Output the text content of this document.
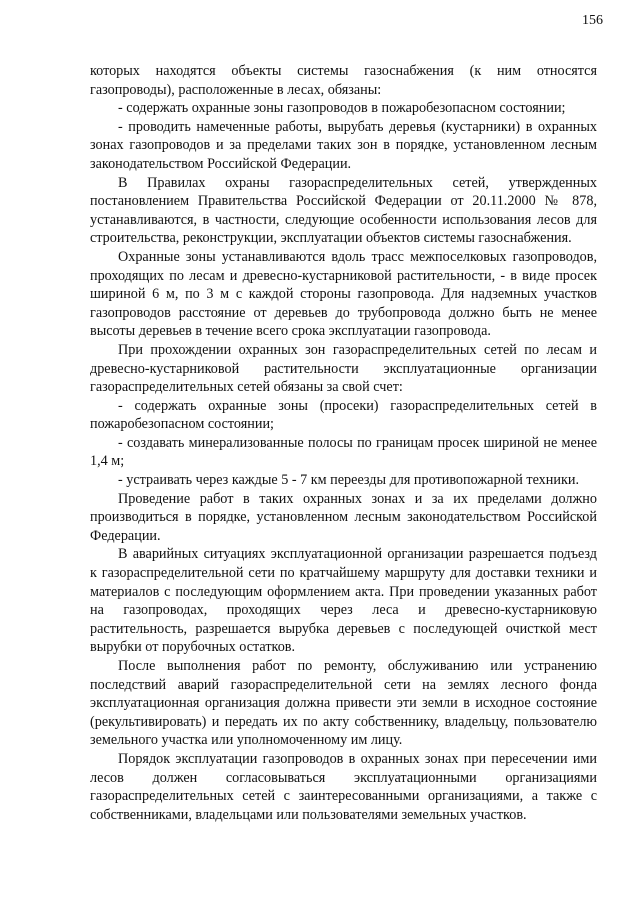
156

которых находятся объекты системы газоснабжения (к ним относятся газопроводы), расположенные в лесах, обязаны:

- содержать охранные зоны газопроводов в пожаробезопасном состоянии;

- проводить намеченные работы, вырубать деревья (кустарники) в охранных зонах газопроводов и за пределами таких зон в порядке, установленном лесным законодательством Российской Федерации.

В Правилах охраны газораспределительных сетей, утвержденных постановлением Правительства Российской Федерации от 20.11.2000 № 878, устанавливаются, в частности, следующие особенности использования лесов для строительства, реконструкции, эксплуатации объектов системы газоснабжения.

Охранные зоны устанавливаются вдоль трасс межпоселковых газопроводов, проходящих по лесам и древесно-кустарниковой растительности, - в виде просек шириной 6 м, по 3 м с каждой стороны газопровода. Для надземных участков газопроводов расстояние от деревьев до трубопровода должно быть не менее высоты деревьев в течение всего срока эксплуатации газопровода.

При прохождении охранных зон газораспределительных сетей по лесам и древесно-кустарниковой растительности эксплуатационные организации газораспределительных сетей обязаны за свой счет:

- содержать охранные зоны (просеки) газораспределительных сетей в пожаробезопасном состоянии;

- создавать минерализованные полосы по границам просек шириной не менее 1,4 м;

- устраивать через каждые 5 - 7 км переезды для противопожарной техники.

Проведение работ в таких охранных зонах и за их пределами должно производиться в порядке, установленном лесным законодательством Российской Федерации.

В аварийных ситуациях эксплуатационной организации разрешается подъезд к газораспределительной сети по кратчайшему маршруту для доставки техники и материалов с последующим оформлением акта. При проведении указанных работ на газопроводах, проходящих через леса и древесно-кустарниковую растительность, разрешается вырубка деревьев с последующей очисткой мест вырубки от порубочных остатков.

После выполнения работ по ремонту, обслуживанию или устранению последствий аварий газораспределительной сети на землях лесного фонда эксплуатационная организация должна привести эти земли в исходное состояние (рекультивировать) и передать их по акту собственнику, владельцу, пользователю земельного участка или уполномоченному им лицу.

Порядок эксплуатации газопроводов в охранных зонах при пересечении ими лесов должен согласовываться эксплуатационными организациями газораспределительных сетей с заинтересованными организациями, а также с собственниками, владельцами или пользователями земельных участков.
